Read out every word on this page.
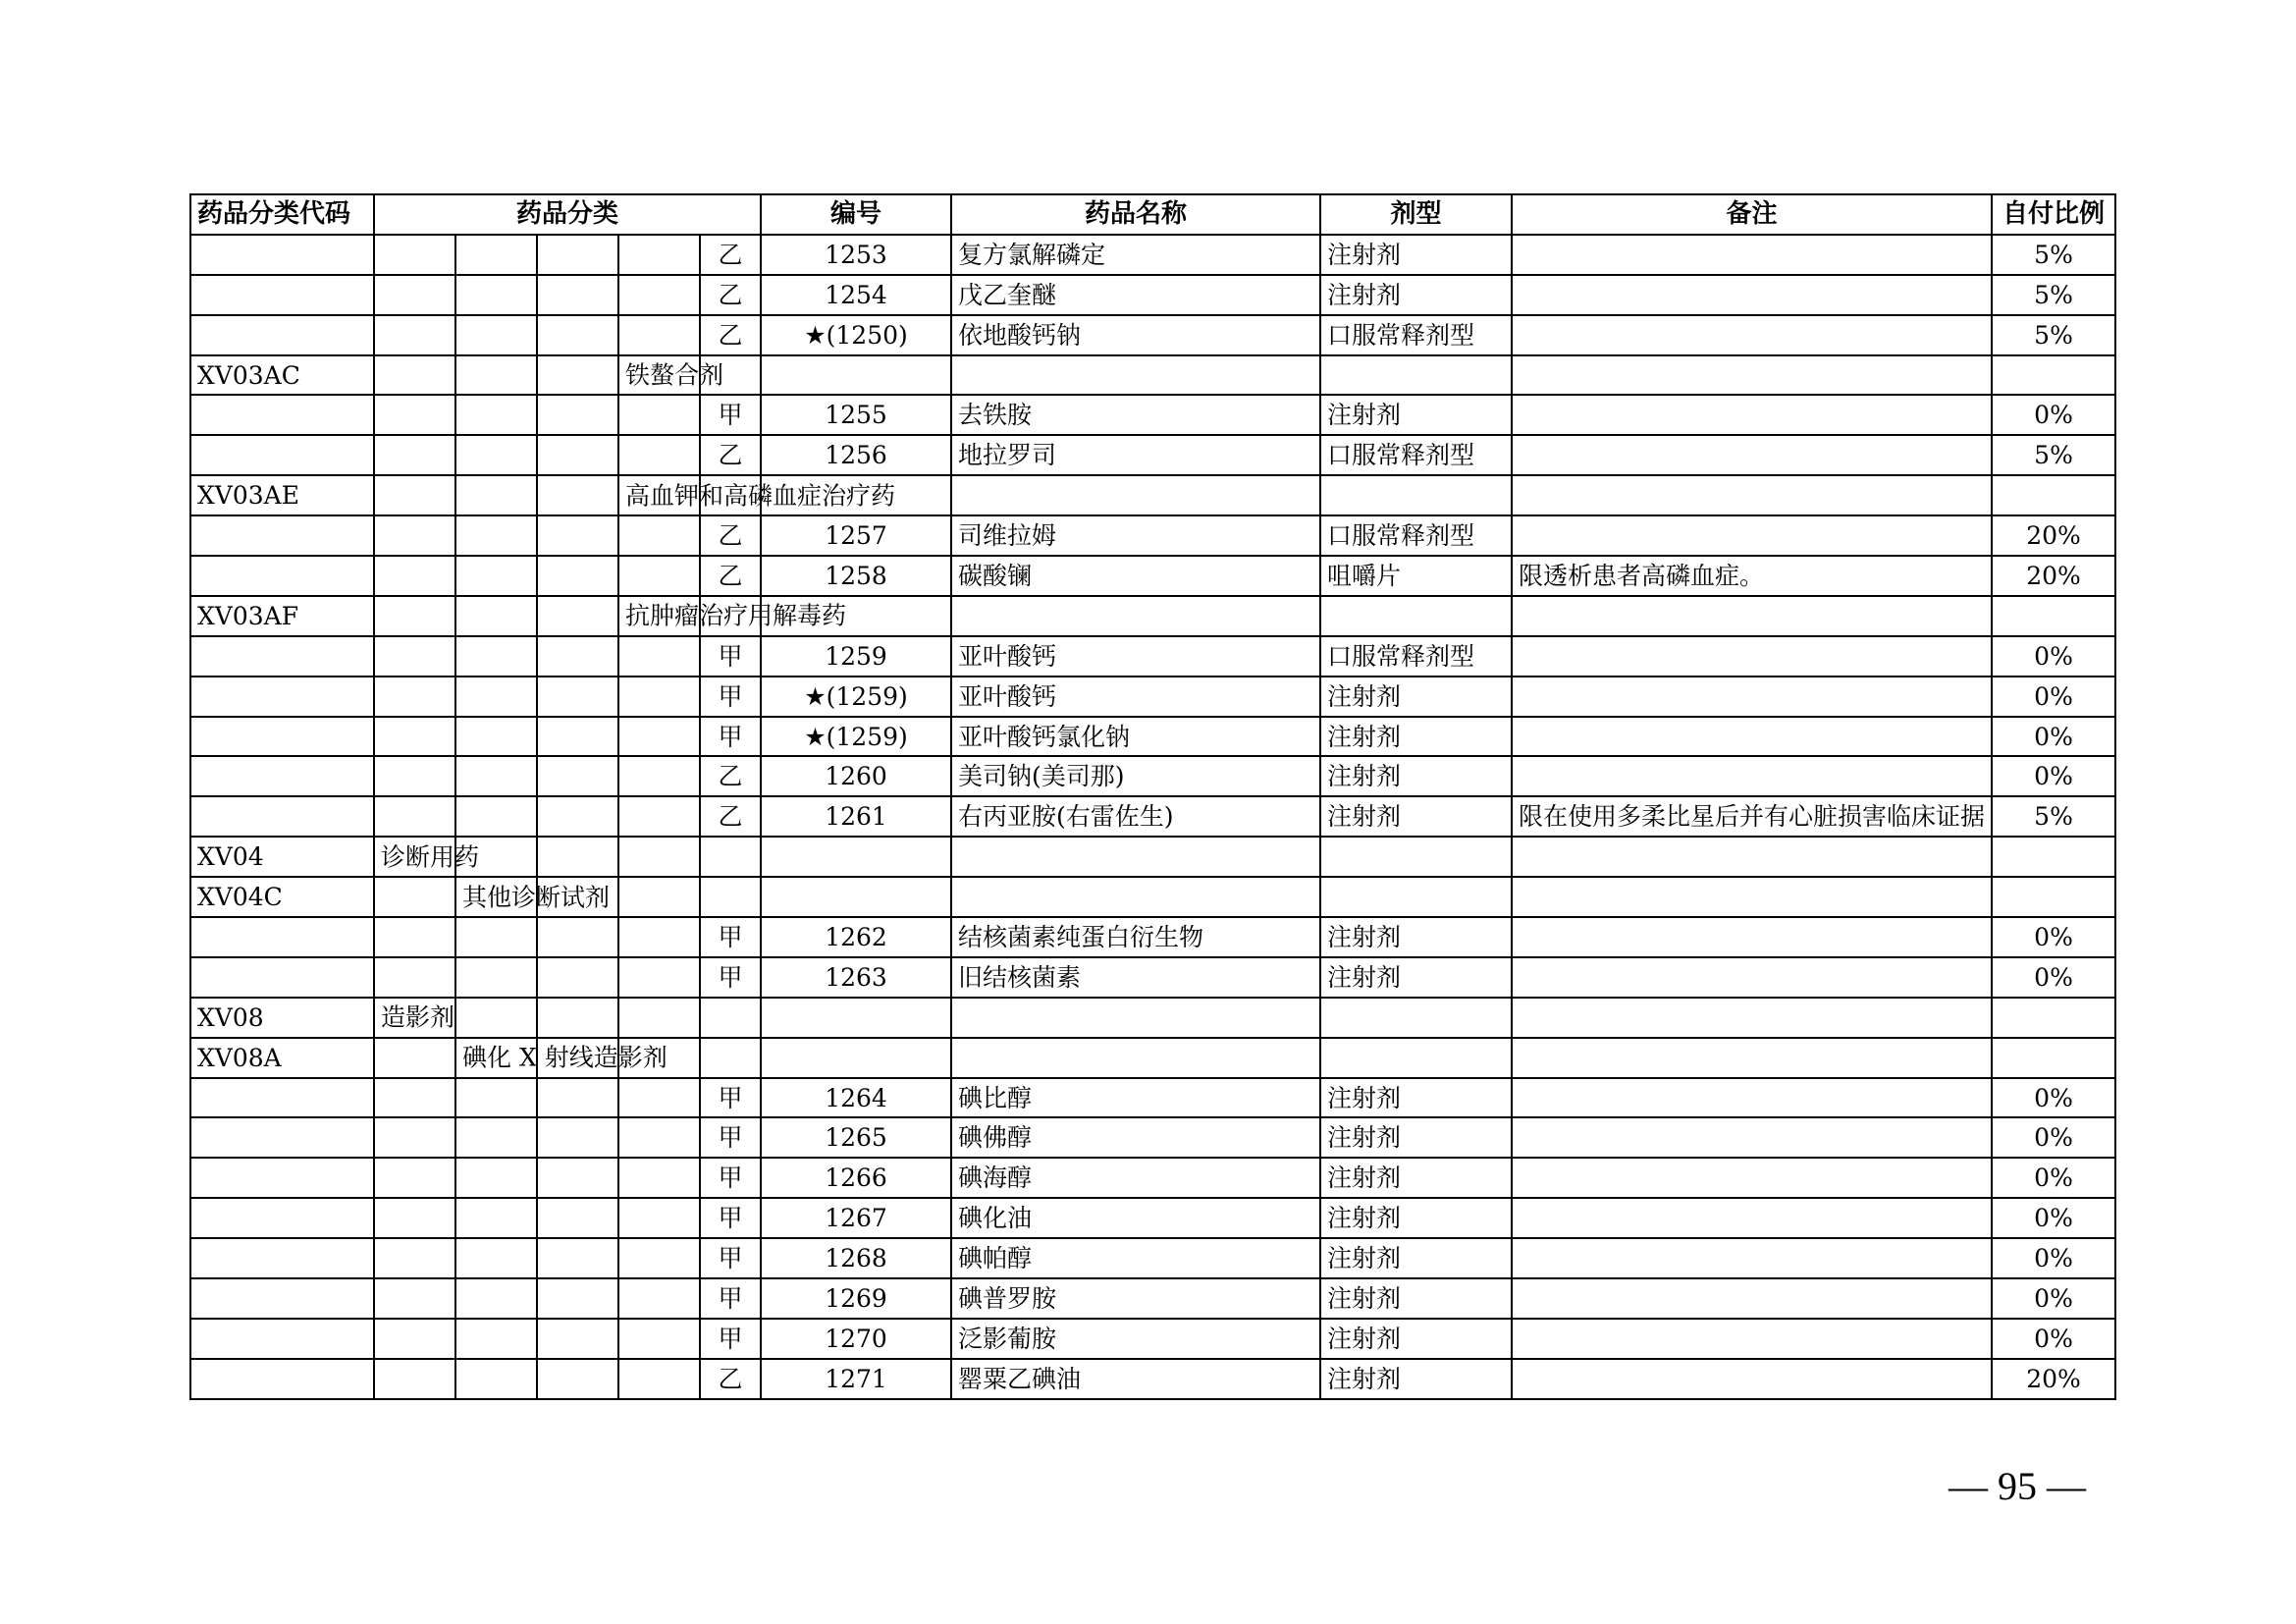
药品分类代码	药品分类					编号	药品名称	剂型	备注	自付比例
					乙	1253	复方氯解磷定	注射剂		5%
					乙	1254	戊乙奎醚	注射剂		5%
					乙	★(1250)	依地酸钙钠	口服常释剂型		5%
XV03AC				铁螯合剂						

					甲	1255	去铁胺	注射剂		0%
					乙	1256	地拉罗司	口服常释剂型		5%
XV03AE				高血钾和高磷血症治疗药						

					乙	1257	司维拉姆	口服常释剂型		20%
					乙	1258	碳酸镧	咀嚼片	限透析患者高磷血症。	20%
XV03AF				抗肿瘤治疗用解毒药						

					甲	1259	亚叶酸钙	口服常释剂型		0%
					甲	★(1259)	亚叶酸钙	注射剂		0%
					甲	★(1259)	亚叶酸钙氯化钠	注射剂		0%
					乙	1260	美司钠(美司那)	注射剂		0%
					乙	1261	右丙亚胺(右雷佐生)	注射剂	限在使用多柔比星后并有心脏损害临床证据	5%
XV04	诊断用药									

XV04C		其他诊断试剂								

					甲	1262	结核菌素纯蛋白衍生物	注射剂		0%
					甲	1263	旧结核菌素	注射剂		0%
XV08	造影剂									

XV08A		碘化 X 射线造影剂								

					甲	1264	碘比醇	注射剂		0%
					甲	1265	碘佛醇	注射剂		0%
					甲	1266	碘海醇	注射剂		0%
					甲	1267	碘化油	注射剂		0%
					甲	1268	碘帕醇	注射剂		0%
					甲	1269	碘普罗胺	注射剂		0%
					甲	1270	泛影葡胺	注射剂		0%
					乙	1271	罂粟乙碘油	注射剂		20%
— 95 —
